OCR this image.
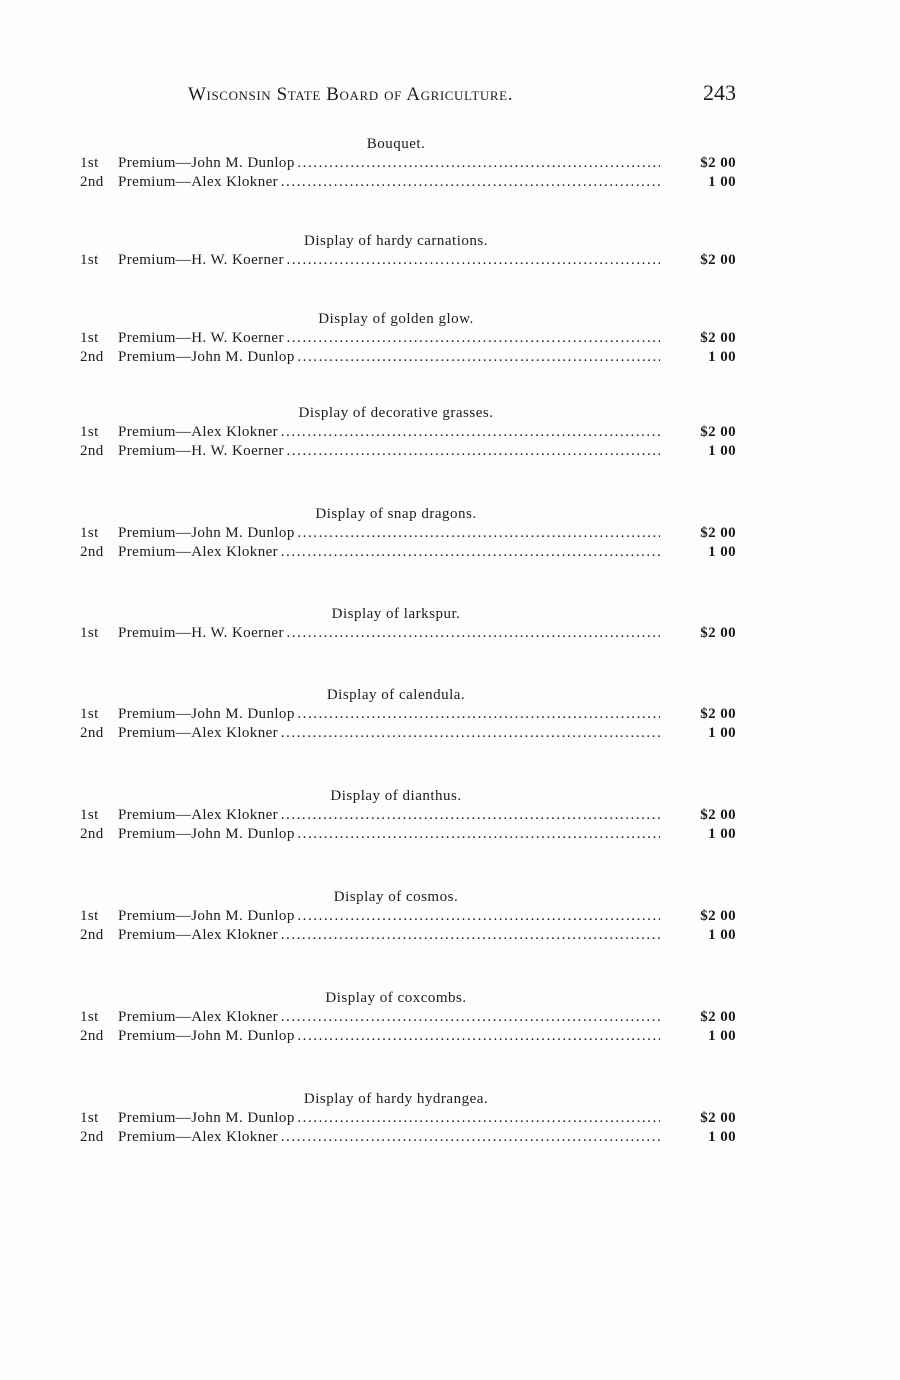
Wisconsin State Board of Agriculture.	243
Bouquet.
1st	Premium—John M. Dunlop . . .	$2 00
2nd Premium—Alex Klokner . . .	1 00
Display of hardy carnations.
1st	Premium—H. W. Koerner . . .	$2 00
Display of golden glow.
1st	Premium—H. W. Koerner . . .	$2 00
2nd Premium—John M. Dunlop . . .	1 00
Display of decorative grasses.
1st	Premium—Alex Klokner . . .	$2 00
2nd Premium—H. W. Koerner . . .	1 00
Display of snap dragons.
1st	Premium—John M. Dunlop . . .	$2 00
2nd Premium—Alex Klokner . . .	1 00
Display of larkspur.
1st	Premuim—H. W. Koerner . . .	$2 00
Display of calendula.
1st	Premium—John M. Dunlop . . .	$2 00
2nd Premium—Alex Klokner . . .	1 00
Display of dianthus.
1st	Premium—Alex Klokner . . .	$2 00
2nd Premium—John M. Dunlop . . .	1 00
Display of cosmos.
1st	Premium—John M. Dunlop . . .	$2 00
2nd Premium—Alex Klokner . . .	1 00
Display of coxcombs.
1st	Premium—Alex Klokner . . .	$2 00
2nd Premium—John M. Dunlop . . .	1 00
Display of hardy hydrangea.
1st	Premium—John M. Dunlop . . .	$2 00
2nd Premium—Alex Klokner . . .	1 00
